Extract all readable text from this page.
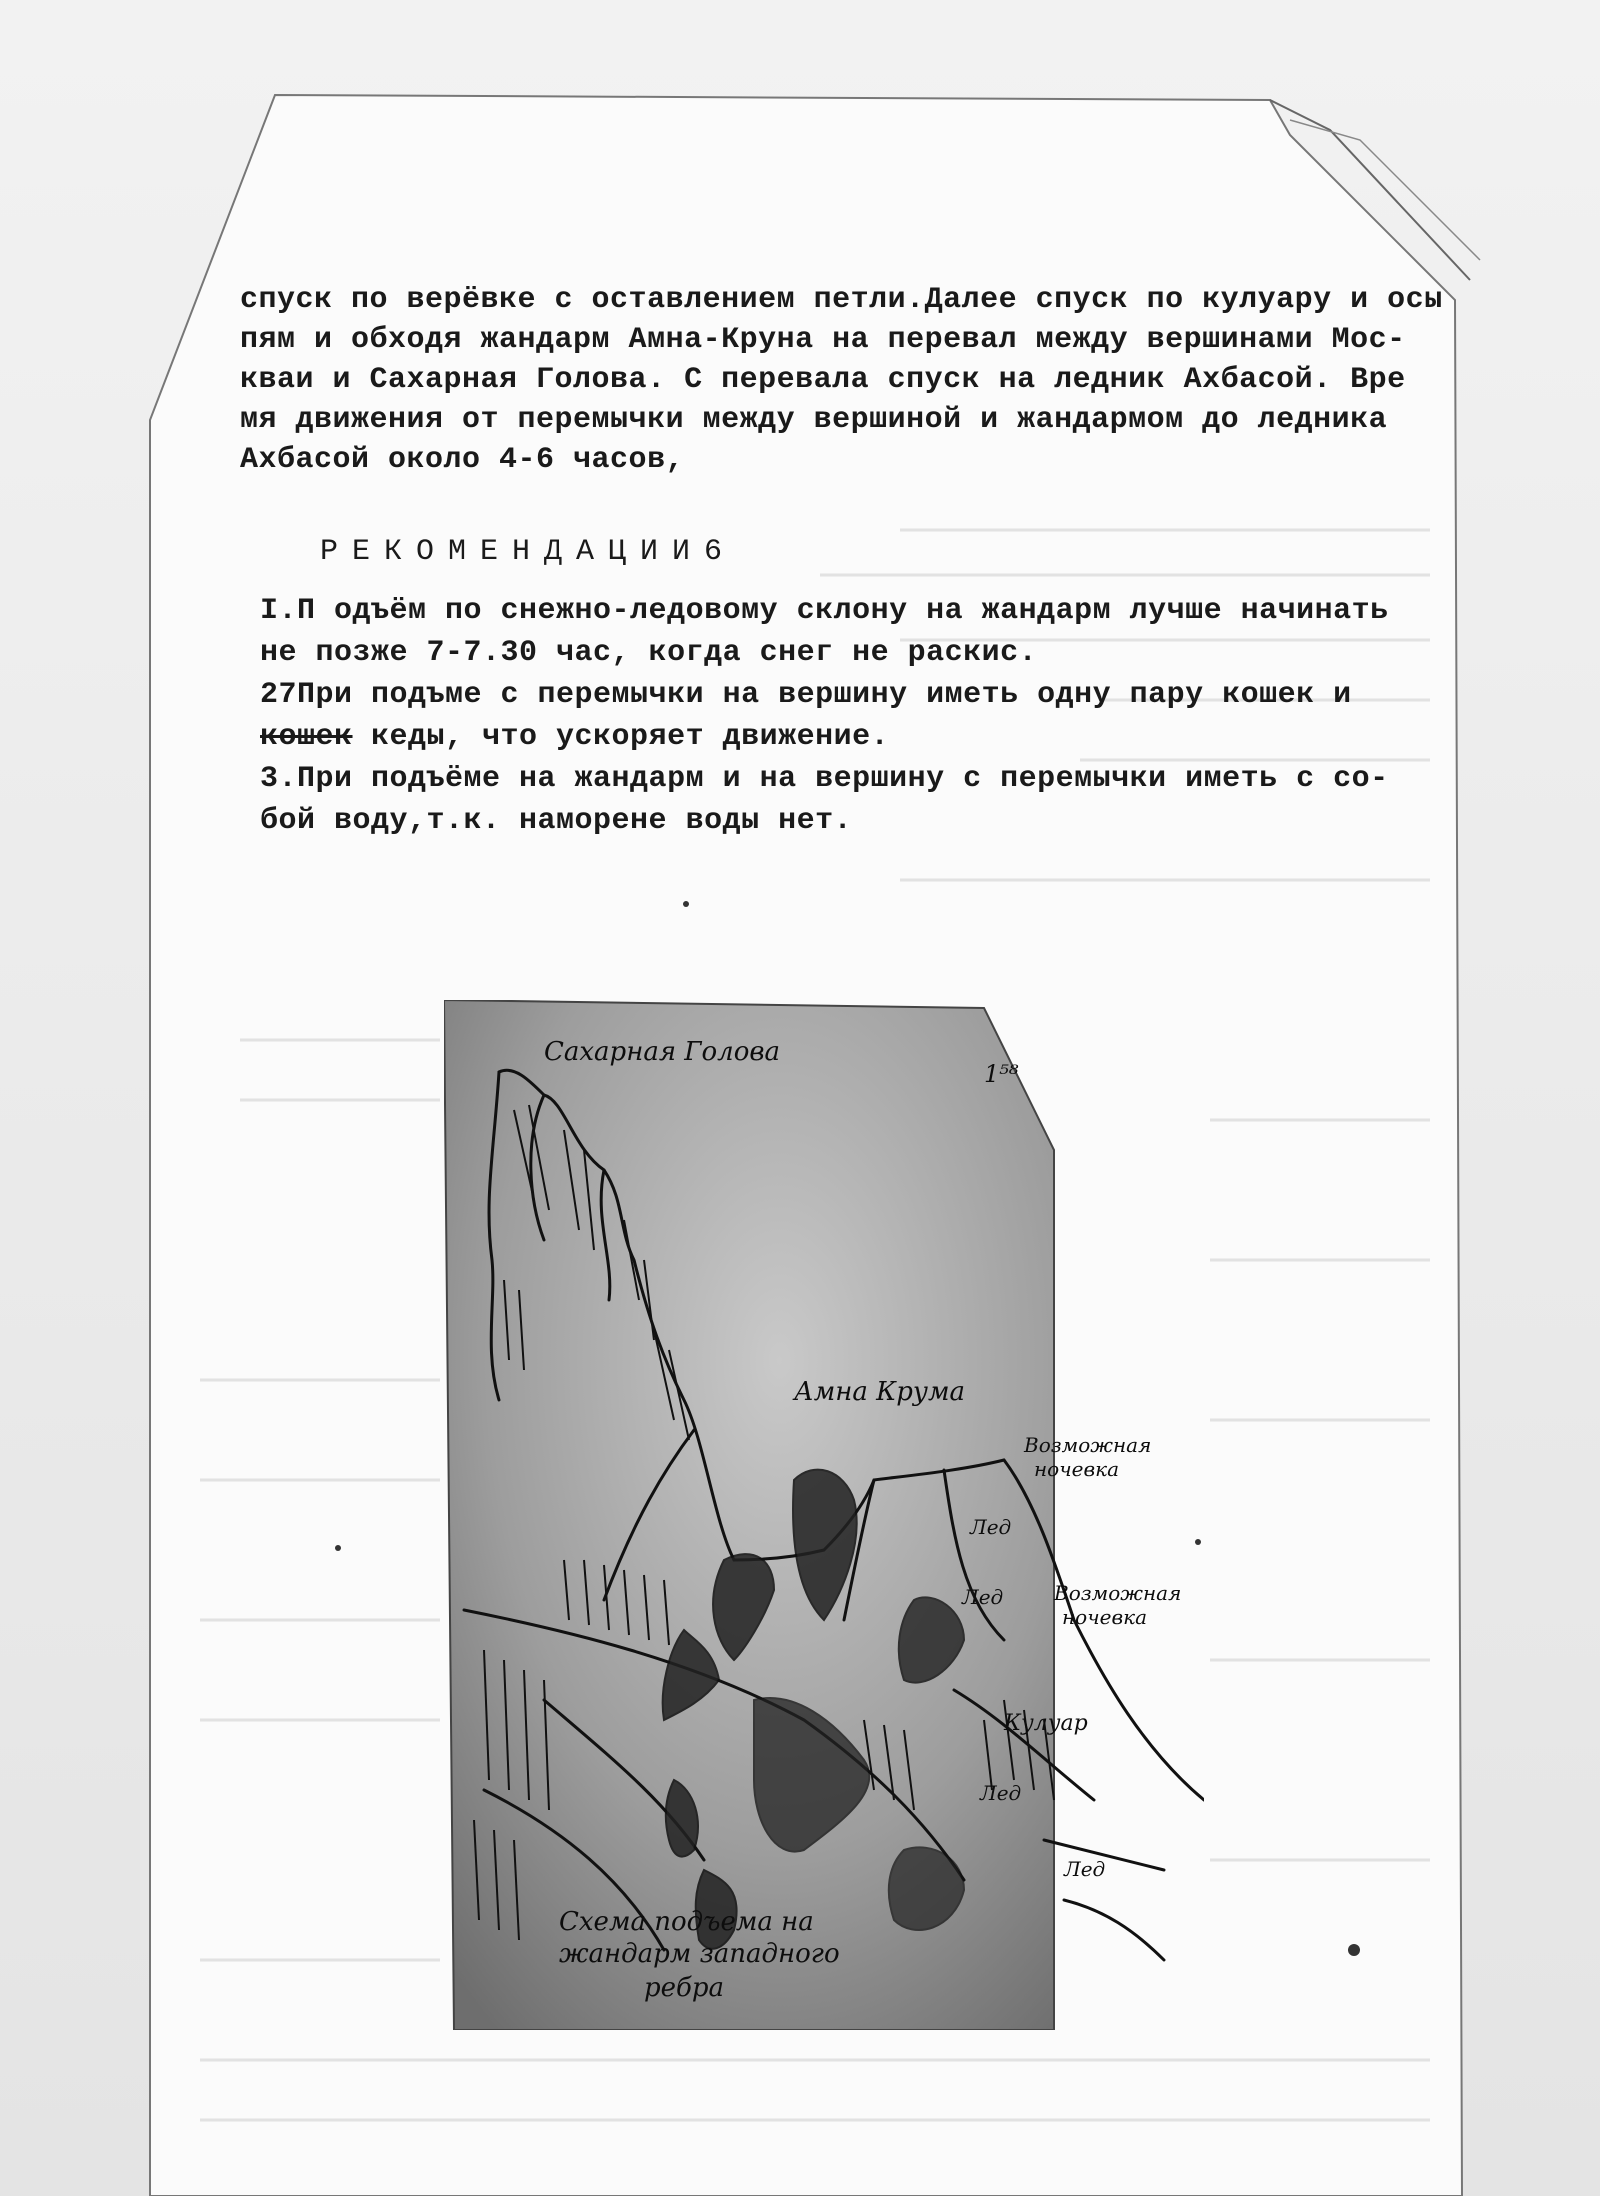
спуск по верёвке с оставлением петли.Далее спуск по кулуару и осы

пям и обходя жандарм Амна-Круна на перевал между вершинами Мос-

кваи и Сахарная Голова. С перевала спуск на ледник Ахбасой. Вре

мя движения от перемычки между вершиной и жандармом до ледника

Ахбасой около 4-6 часов,

РЕКОМЕНДАЦИИ6

I.П одъём по снежно-ледовому склону на жандарм лучше начинать

не позже 7-7.30 час, когда снег не раскис.

27При подъме с перемычки на вершину иметь одну пару кошек и

кошек кеды, что ускоряет движение.

3.При подъёме на жандарм и на вершину с перемычки иметь с со-

бой воду,т.к. наморене воды нет.

1⁵⁸
Сахарная Голова
Амна Крума
Возможная
ночевка
Возможная
ночевка
Лед
Лед
Кулуар
Лед
Лед
Схема подъема на
жандарм западного
ребра
